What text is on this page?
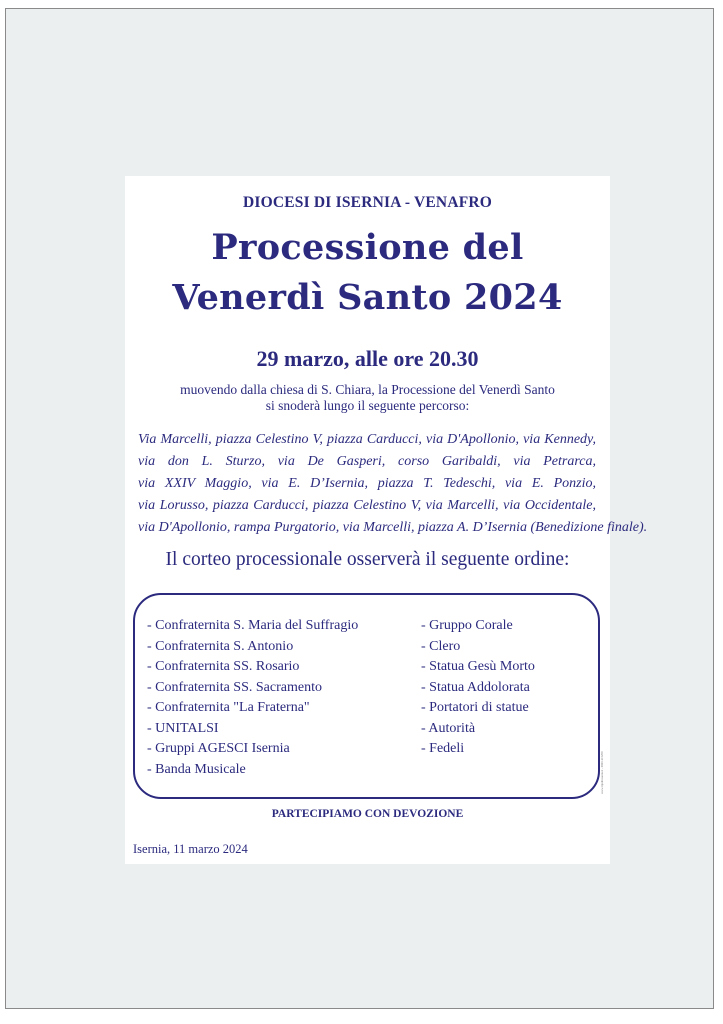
DIOCESI DI ISERNIA - VENAFRO
Processione del
Venerdì Santo 2024
29 marzo, alle ore 20.30
muovendo dalla chiesa di S. Chiara, la Processione del Venerdì Santo
si snoderà lungo il seguente percorso:
Via Marcelli, piazza Celestino V, piazza Carducci, via D'Apollonio, via Kennedy,
via don L. Sturzo, via De Gasperi, corso Garibaldi, via Petrarca,
via XXIV Maggio, via E. D’Isernia, piazza T. Tedeschi, via E. Ponzio,
via Lorusso, piazza Carducci, piazza Celestino V, via Marcelli, via Occidentale,
via D'Apollonio, rampa Purgatorio, via Marcelli, piazza A. D’Isernia (Benedizione finale).
Il corteo processionale osserverà il seguente ordine:
- Confraternita S. Maria del Suffragio
- Confraternita S. Antonio
- Confraternita SS. Rosario
- Confraternita SS. Sacramento
- Confraternita "La Fraterna"
- UNITALSI
- Gruppi AGESCI Isernia
- Banda Musicale
- Gruppo Corale
- Clero
- Statua Gesù Morto
- Statua Addolorata
- Portatori di statue
- Autorità
- Fedeli
www.tipolitosanta.it - 0865 415290
PARTECIPIAMO CON DEVOZIONE
Isernia, 11 marzo 2024
